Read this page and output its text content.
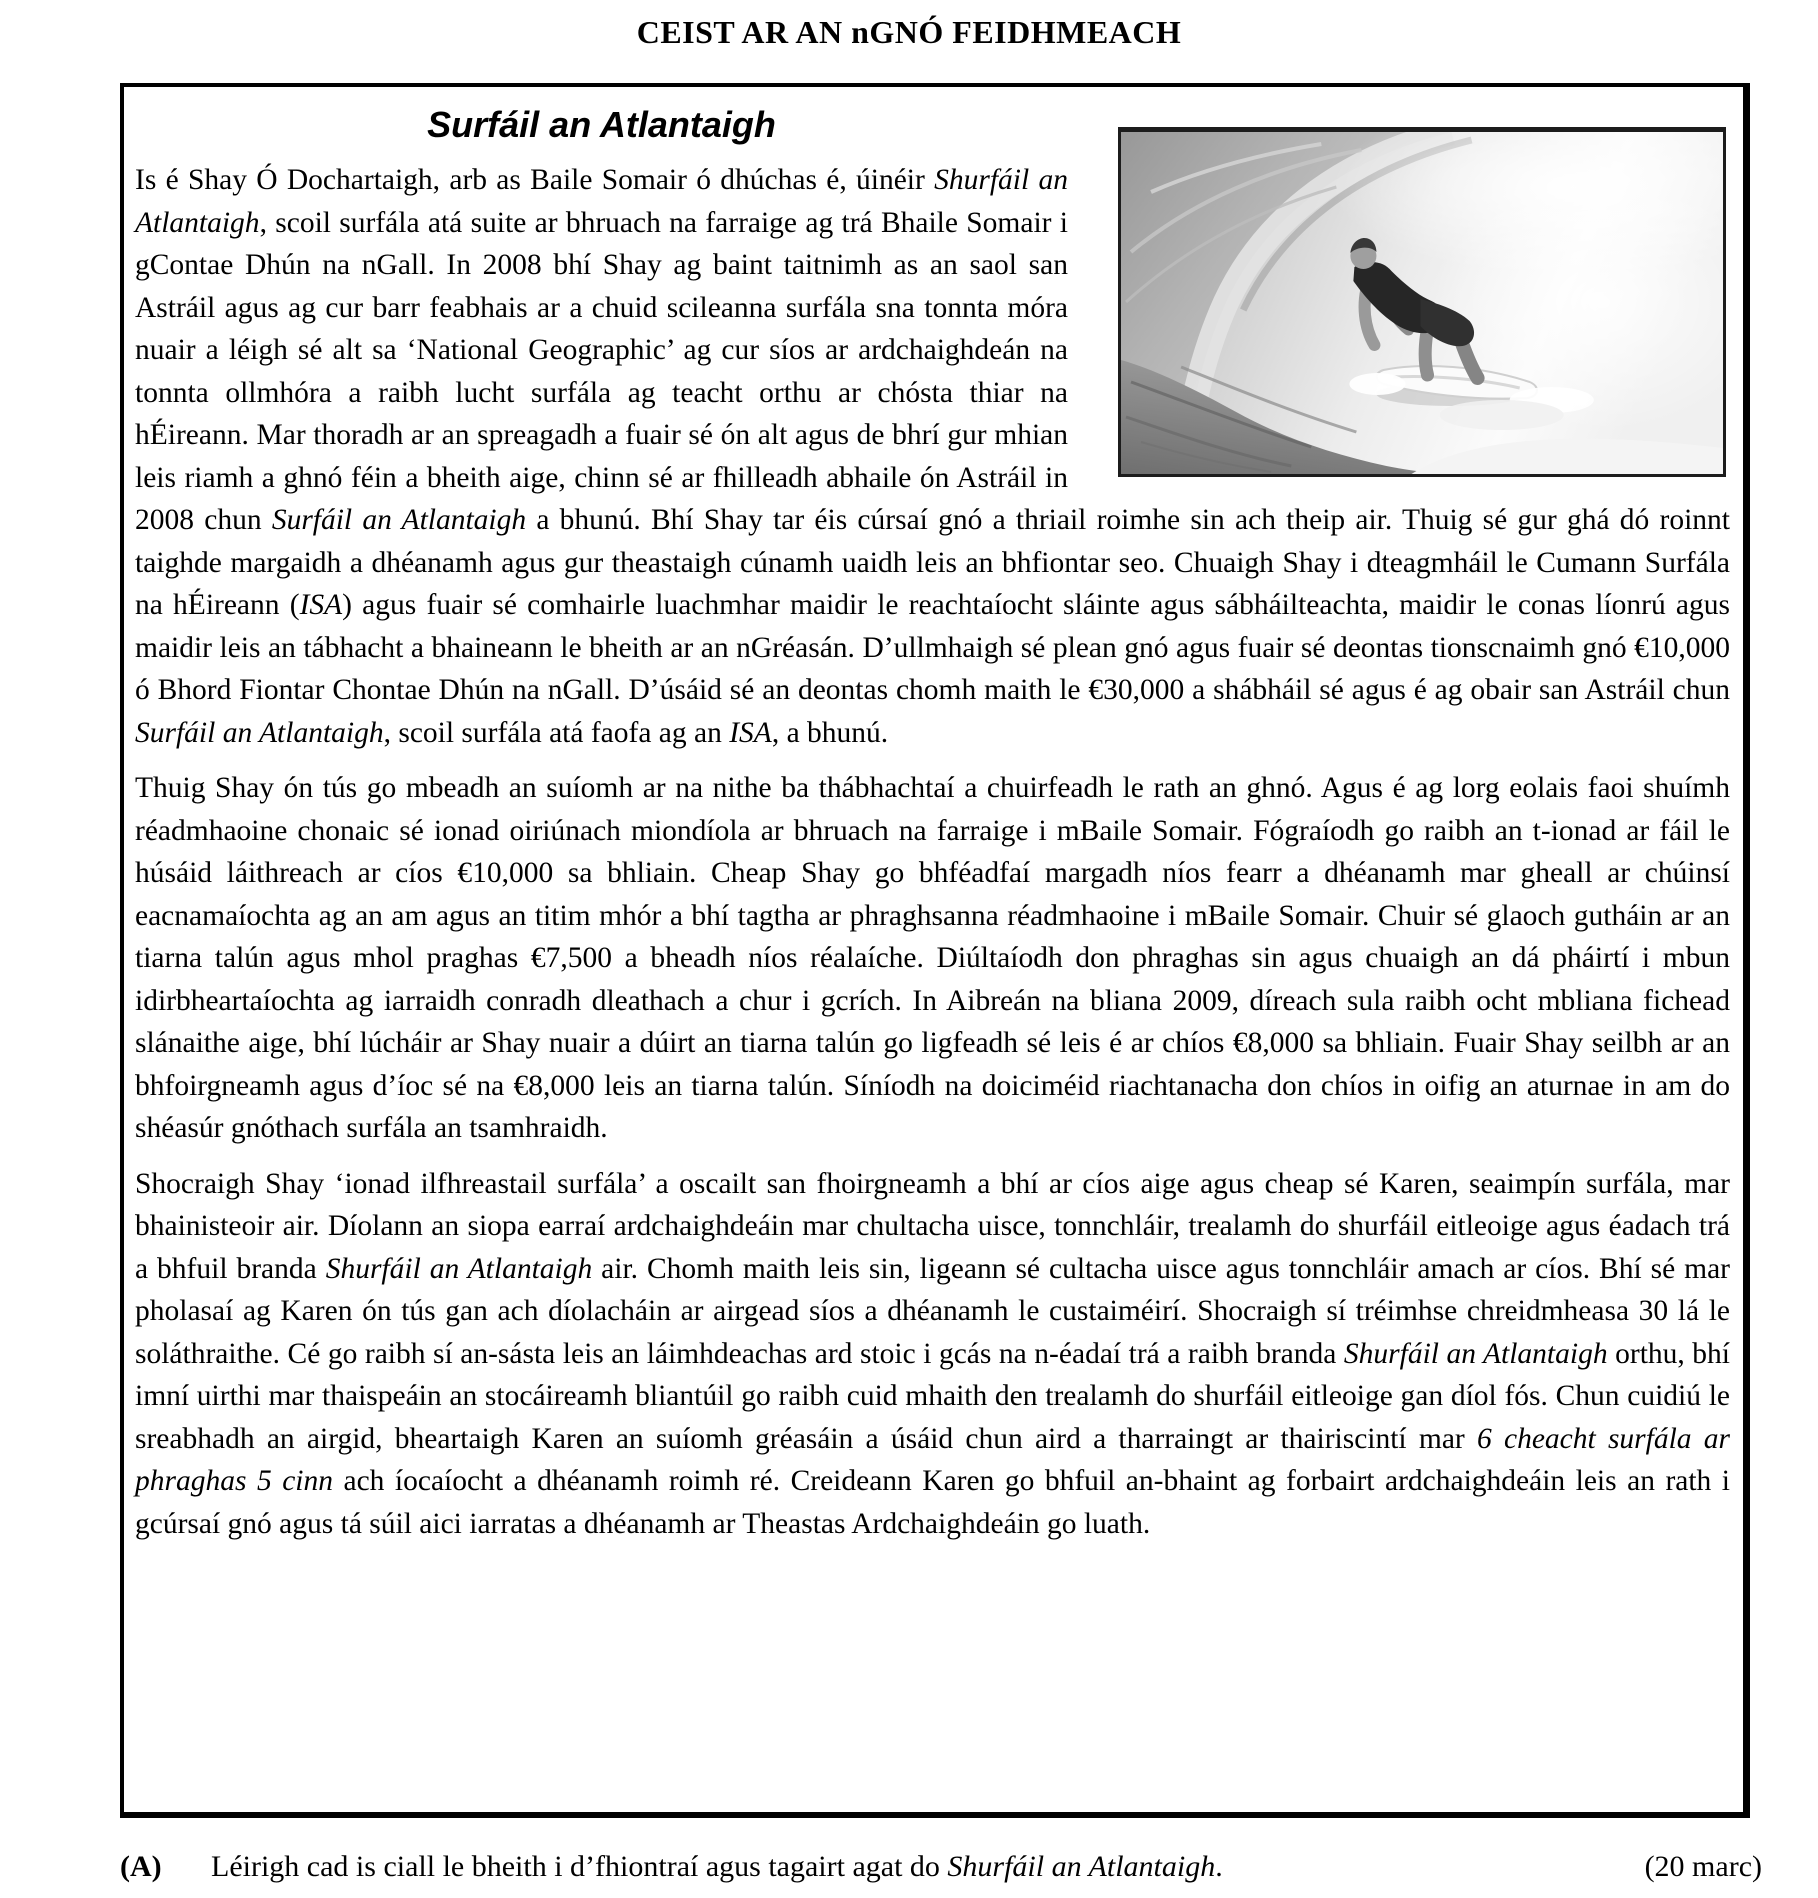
CEIST AR AN nGNÓ FEIDHMEACH
Surfáil an Atlantaigh

Is é Shay Ó Dochartaigh, arb as Baile Somair ó dhúchas é, úinéir Shurfáil an Atlantaigh, scoil surfála atá suite ar bhruach na farraige ag trá Bhaile Somair i gContae Dhún na nGall. In 2008 bhí Shay ag baint taitnimh as an saol san Astráil agus ag cur barr feabhais ar a chuid scileanna surfála sna tonnta móra nuair a léigh sé alt sa ‘National Geographic’ ag cur síos ar ardchaighdeán na tonnta ollmhóra a raibh lucht surfála ag teacht orthu ar chósta thiar na hÉireann. Mar thoradh ar an spreagadh a fuair sé ón alt agus de bhrí gur mhian leis riamh a ghnó féin a bheith aige, chinn sé ar fhilleadh abhaile ón Astráil in 2008 chun Surfáil an Atlantaigh a bhunú. Bhí Shay tar éis cúrsaí gnó a thriail roimhe sin ach theip air. Thuig sé gur ghá dó roinnt taighde margaidh a dhéanamh agus gur theastaigh cúnamh uaidh leis an bhfiontar seo. Chuaigh Shay i dteagmháil le Cumann Surfála na hÉireann (ISA) agus fuair sé comhairle luachmhar maidir le reachtaíocht sláinte agus sábháilteachta, maidir le conas líonrú agus maidir leis an tábhacht a bhaineann le bheith ar an nGréasán. D’ullmhaigh sé plean gnó agus fuair sé deontas tionscnaimh gnó €10,000 ó Bhord Fiontar Chontae Dhún na nGall. D’úsáid sé an deontas chomh maith le €30,000 a shábháil sé agus é ag obair san Astráil chun Surfáil an Atlantaigh, scoil surfála atá faofa ag an ISA, a bhunú.

Thuig Shay ón tús go mbeadh an suíomh ar na nithe ba thábhachtaí a chuirfeadh le rath an ghnó. Agus é ag lorg eolais faoi shuímh réadmhaoine chonaic sé ionad oiriúnach miondíola ar bhruach na farraige i mBaile Somair. Fógraíodh go raibh an t-ionad ar fáil le húsáid láithreach ar cíos €10,000 sa bhliain. Cheap Shay go bhféadfaí margadh níos fearr a dhéanamh mar gheall ar chúinsí eacnamaíochta ag an am agus an titim mhór a bhí tagtha ar phraghsanna réadmhaoine i mBaile Somair. Chuir sé glaoch gutháin ar an tiarna talún agus mhol praghas €7,500 a bheadh níos réalaíche. Diúltaíodh don phraghas sin agus chuaigh an dá pháirtí i mbun idirbheartaíochta ag iarraidh conradh dleathach a chur i gcrích. In Aibreán na bliana 2009, díreach sula raibh ocht mbliana fichead slánaithe aige, bhí lúcháir ar Shay nuair a dúirt an tiarna talún go ligfeadh sé leis é ar chíos €8,000 sa bhliain. Fuair Shay seilbh ar an bhfoirgneamh agus d’íoc sé na €8,000 leis an tiarna talún. Síníodh na doiciméid riachtanacha don chíos in oifig an aturnae in am do shéasúr gnóthach surfála an tsamhraidh.

Shocraigh Shay ‘ionad ilfhreastail surfála’ a oscailt san fhoirgneamh a bhí ar cíos aige agus cheap sé Karen, seaimpín surfála, mar bhainisteoir air. Díolann an siopa earraí ardchaighdeáin mar chultacha uisce, tonnchláir, trealamh do shurfáil eitleoige agus éadach trá a bhfuil branda Shurfáil an Atlantaigh air. Chomh maith leis sin, ligeann sé cultacha uisce agus tonnchláir amach ar cíos. Bhí sé mar pholasaí ag Karen ón tús gan ach díolacháin ar airgead síos a dhéanamh le custaiméirí. Shocraigh sí tréimhse chreidmheasa 30 lá le soláthraithe. Cé go raibh sí an-sásta leis an láimhdeachas ard stoic i gcás na n-éadaí trá a raibh branda Shurfáil an Atlantaigh orthu, bhí imní uirthi mar thaispeáin an stocáireamh bliantúil go raibh cuid mhaith den trealamh do shurfáil eitleoige gan díol fós. Chun cuidiú le sreabhadh an airgid, bheartaigh Karen an suíomh gréasáin a úsáid chun aird a tharraingt ar thairiscintí mar 6 cheacht surfála ar phraghas 5 cinn ach íocaíocht a dhéanamh roimh ré. Creideann Karen go bhfuil an-bhaint ag forbairt ardchaighdeáin leis an rath i gcúrsaí gnó agus tá súil aici iarratas a dhéanamh ar Theastas Ardchaighdeáin go luath.

(A) Léirigh cad is ciall le bheith i d’fhiontraí agus tagairt agat do Shurfáil an Atlantaigh.	(20 marc)
